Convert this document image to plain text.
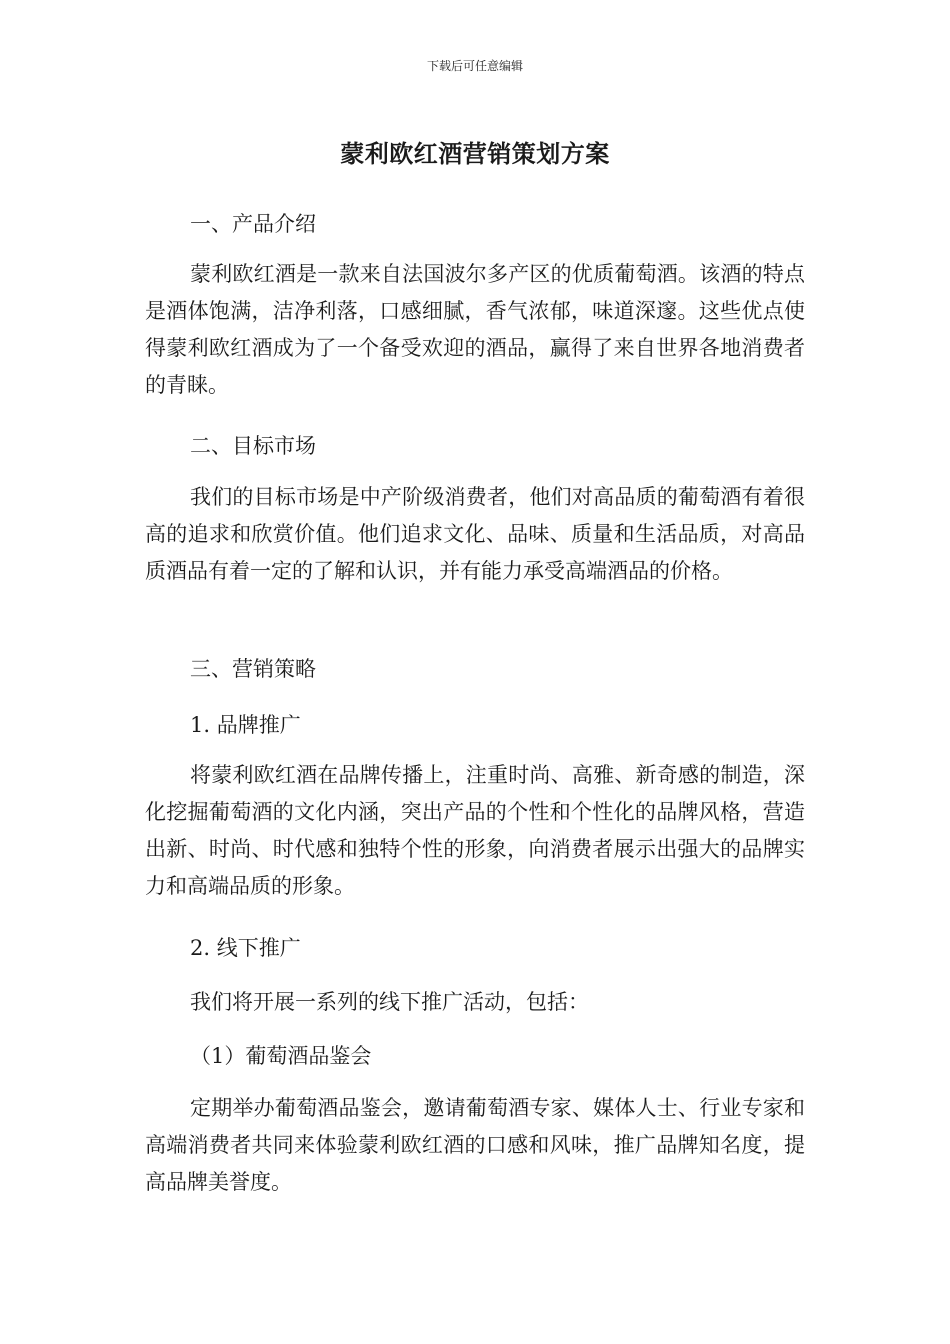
下载后可任意编辑
蒙利欧红酒营销策划方案

一、产品介绍

蒙利欧红酒是一款来自法国波尔多产区的优质葡萄酒。该酒的特点是酒体饱满，洁净利落，口感细腻，香气浓郁，味道深邃。这些优点使得蒙利欧红酒成为了一个备受欢迎的酒品，赢得了来自世界各地消费者的青睐。

二、目标市场

我们的目标市场是中产阶级消费者，他们对高品质的葡萄酒有着很高的追求和欣赏价值。他们追求文化、品味、质量和生活品质，对高品质酒品有着一定的了解和认识，并有能力承受高端酒品的价格。

三、营销策略

1. 品牌推广

将蒙利欧红酒在品牌传播上，注重时尚、高雅、新奇感的制造，深化挖掘葡萄酒的文化内涵，突出产品的个性和个性化的品牌风格，营造出新、时尚、时代感和独特个性的形象，向消费者展示出强大的品牌实力和高端品质的形象。

2. 线下推广

我们将开展一系列的线下推广活动，包括：

（1）葡萄酒品鉴会

定期举办葡萄酒品鉴会，邀请葡萄酒专家、媒体人士、行业专家和高端消费者共同来体验蒙利欧红酒的口感和风味，推广品牌知名度，提高品牌美誉度。
